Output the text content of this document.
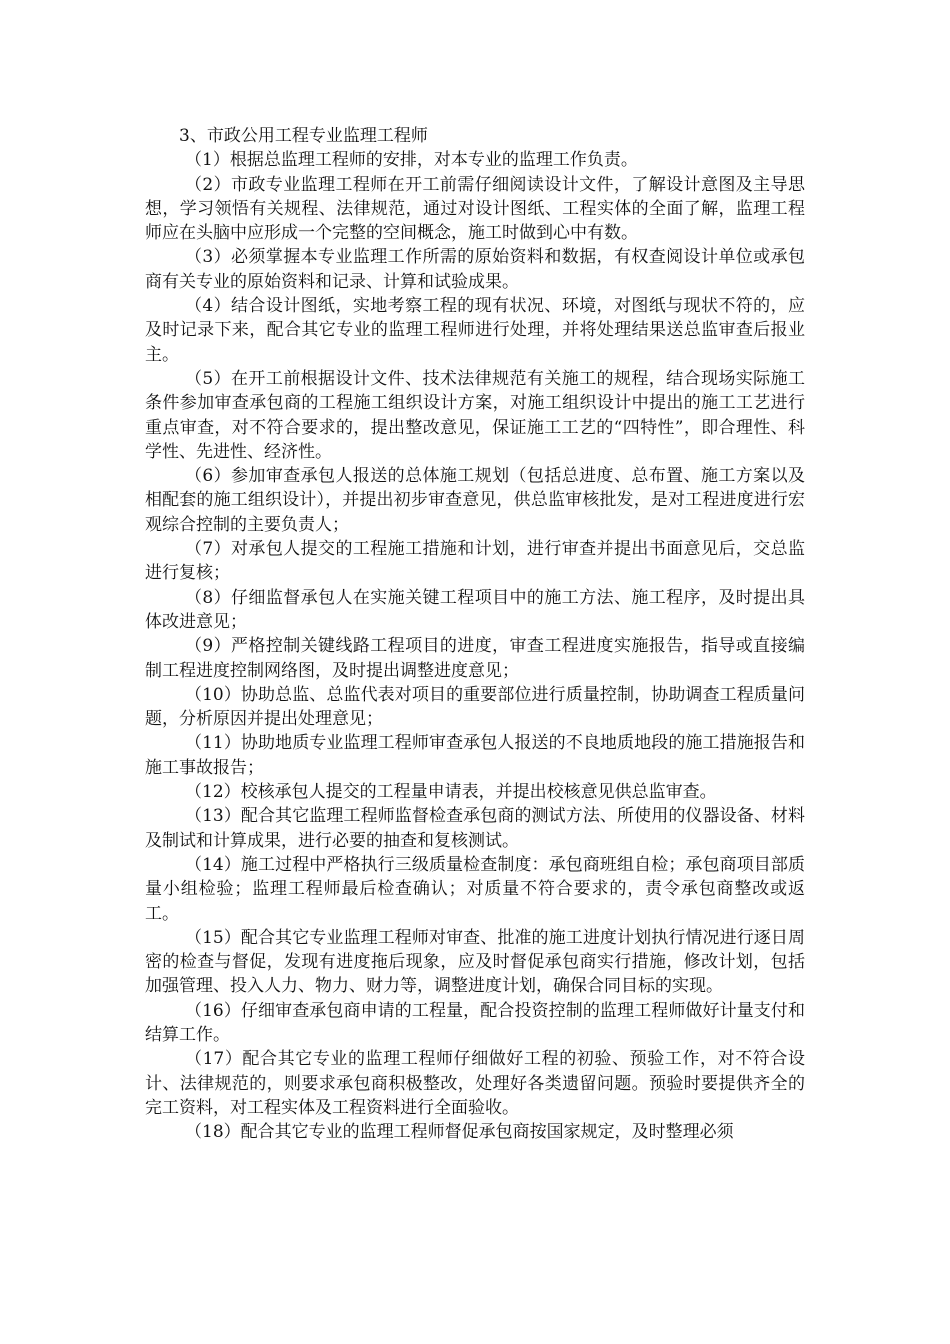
3、市政公用工程专业监理工程师

（1）根据总监理工程师的安排，对本专业的监理工作负责。

（2）市政专业监理工程师在开工前需仔细阅读设计文件，了解设计意图及主导思想，学习领悟有关规程、法律规范，通过对设计图纸、工程实体的全面了解，监理工程师应在头脑中应形成一个完整的空间概念，施工时做到心中有数。

（3）必须掌握本专业监理工作所需的原始资料和数据，有权查阅设计单位或承包商有关专业的原始资料和记录、计算和试验成果。

（4）结合设计图纸，实地考察工程的现有状况、环境，对图纸与现状不符的，应及时记录下来，配合其它专业的监理工程师进行处理，并将处理结果送总监审查后报业主。

（5）在开工前根据设计文件、技术法律规范有关施工的规程，结合现场实际施工条件参加审查承包商的工程施工组织设计方案，对施工组织设计中提出的施工工艺进行重点审查，对不符合要求的，提出整改意见，保证施工工艺的“四特性”，即合理性、科学性、先进性、经济性。

（6）参加审查承包人报送的总体施工规划（包括总进度、总布置、施工方案以及相配套的施工组织设计），并提出初步审查意见，供总监审核批发，是对工程进度进行宏观综合控制的主要负责人；

（7）对承包人提交的工程施工措施和计划，进行审查并提出书面意见后，交总监进行复核；

（8）仔细监督承包人在实施关键工程项目中的施工方法、施工程序，及时提出具体改进意见；

（9）严格控制关键线路工程项目的进度，审查工程进度实施报告，指导或直接编制工程进度控制网络图，及时提出调整进度意见；

（10）协助总监、总监代表对项目的重要部位进行质量控制，协助调查工程质量问题，分析原因并提出处理意见；

（11）协助地质专业监理工程师审查承包人报送的不良地质地段的施工措施报告和施工事故报告；

（12）校核承包人提交的工程量申请表，并提出校核意见供总监审查。

（13）配合其它监理工程师监督检查承包商的测试方法、所使用的仪器设备、材料及制试和计算成果，进行必要的抽查和复核测试。

（14）施工过程中严格执行三级质量检查制度：承包商班组自检；承包商项目部质量小组检验；监理工程师最后检查确认；对质量不符合要求的，责令承包商整改或返工。

（15）配合其它专业监理工程师对审查、批准的施工进度计划执行情况进行逐日周密的检查与督促，发现有进度拖后现象，应及时督促承包商实行措施，修改计划，包括加强管理、投入人力、物力、财力等，调整进度计划，确保合同目标的实现。

（16）仔细审查承包商申请的工程量，配合投资控制的监理工程师做好计量支付和结算工作。

（17）配合其它专业的监理工程师仔细做好工程的初验、预验工作，对不符合设计、法律规范的，则要求承包商积极整改，处理好各类遗留问题。预验时要提供齐全的完工资料，对工程实体及工程资料进行全面验收。

（18）配合其它专业的监理工程师督促承包商按国家规定，及时整理必须
